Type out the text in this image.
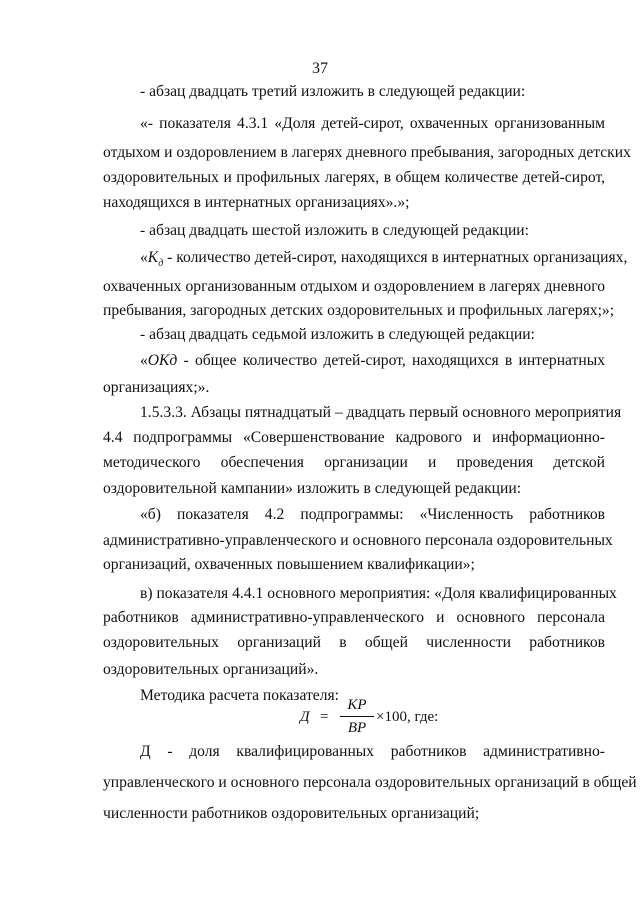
37
- абзац двадцать третий изложить в следующей редакции:
«- показателя 4.3.1 «Доля детей-сирот, охваченных организованным
отдыхом и оздоровлением в лагерях дневного пребывания, загородных детских
оздоровительных и профильных лагерях, в общем количестве детей-сирот,
находящихся в интернатных организациях».»;
- абзац двадцать шестой изложить в следующей редакции:
«$K_д$ - количество детей-сирот, находящихся в интернатных организациях,
охваченных организованным отдыхом и оздоровлением в лагерях дневного
пребывания, загородных детских оздоровительных и профильных лагерях;»;
- абзац двадцать седьмой изложить в следующей редакции:
«ОКд - общее количество детей-сирот, находящихся в интернатных
организациях;».
1.5.3.3. Абзацы пятнадцатый – двадцать первый основного мероприятия
4.4 подпрограммы «Совершенствование кадрового и информационно-
методического обеспечения организации и проведения детской
оздоровительной кампании» изложить в следующей редакции:
«б) показателя 4.2 подпрограммы: «Численность работников
административно-управленческого и основного персонала оздоровительных
организаций, охваченных повышением квалификации»;
в) показателя 4.4.1 основного мероприятия: «Доля квалифицированных
работников административно-управленческого и основного персонала
оздоровительных организаций в общей численности работников
оздоровительных организаций».
Методика расчета показателя:
Д =
KP
BP
×100, где:
Д - доля квалифицированных работников административно-
управленческого и основного персонала оздоровительных организаций в общей
численности работников оздоровительных организаций;
